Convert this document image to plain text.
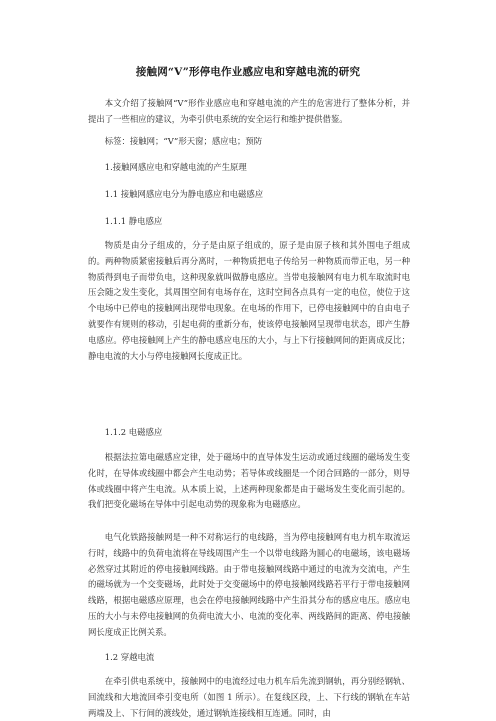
接触网“V”形停电作业感应电和穿越电流的研究
本文介绍了接触网“V”形作业感应电和穿越电流的产生的危害进行了整体分析，并提出了一些相应的建议，为牵引供电系统的安全运行和维护提供借鉴。
标签：接触网；“V”形天窗；感应电；预防
1.接触网感应电和穿越电流的产生原理
1.1 接触网感应电分为静电感应和电磁感应
1.1.1 静电感应
物质是由分子组成的，分子是由原子组成的，原子是由原子核和其外围电子组成的。两种物质紧密接触后再分离时，一种物质把电子传给另一种物质而带正电，另一种物质得到电子而带负电，这种现象就叫做静电感应。当带电接触网有电力机车取流时电压会随之发生变化，其周围空间有电场存在，这时空间各点具有一定的电位，使位于这个电场中已停电的接触网出现带电现象。在电场的作用下，已停电接触网中的自由电子就要作有规则的移动，引起电荷的重新分布，使该停电接触网呈现带电状态，即产生静电感应。停电接触网上产生的静电感应电压的大小，与上下行接触网间的距离成反比；静电电流的大小与停电接触网长度成正比。
1.1.2 电磁感应
根据法拉第电磁感应定律，处于磁场中的直导体发生运动或通过线圈的磁场发生变化时，在导体或线圈中都会产生电动势；若导体或线圈是一个闭合回路的一部分，则导体或线圈中将产生电流。从本质上说，上述两种现象都是由于磁场发生变化而引起的。我们把变化磁场在导体中引起电动势的现象称为电磁感应。
电气化铁路接触网是一种不对称运行的电线路，当为停电接触网有电力机车取流运行时，线路中的负荷电流将在导线周围产生一个以带电线路为圆心的电磁场，该电磁场必然穿过其附近的停电接触网线路。由于带电接触网线路中通过的电流为交流电，产生的磁场就为一个交变磁场，此时处于交变磁场中的停电接触网线路若平行于带电接触网线路，根据电磁感应原理，也会在停电接触网线路中产生沿其分布的感应电压。感应电压的大小与未停电接触网的负荷电流大小、电流的变化率、两线路间的距离、停电接触网长度成正比例关系。
1.2 穿越电流
在牵引供电系统中，接触网中的电流经过电力机车后先流到钢轨，再分别经钢轨、回流线和大地流回牵引变电所（如图 1 所示）。在复线区段，上、下行线的钢轨在车站两端及上、下行间的渡线处，通过钢轨连接线相互连通。同时，由
